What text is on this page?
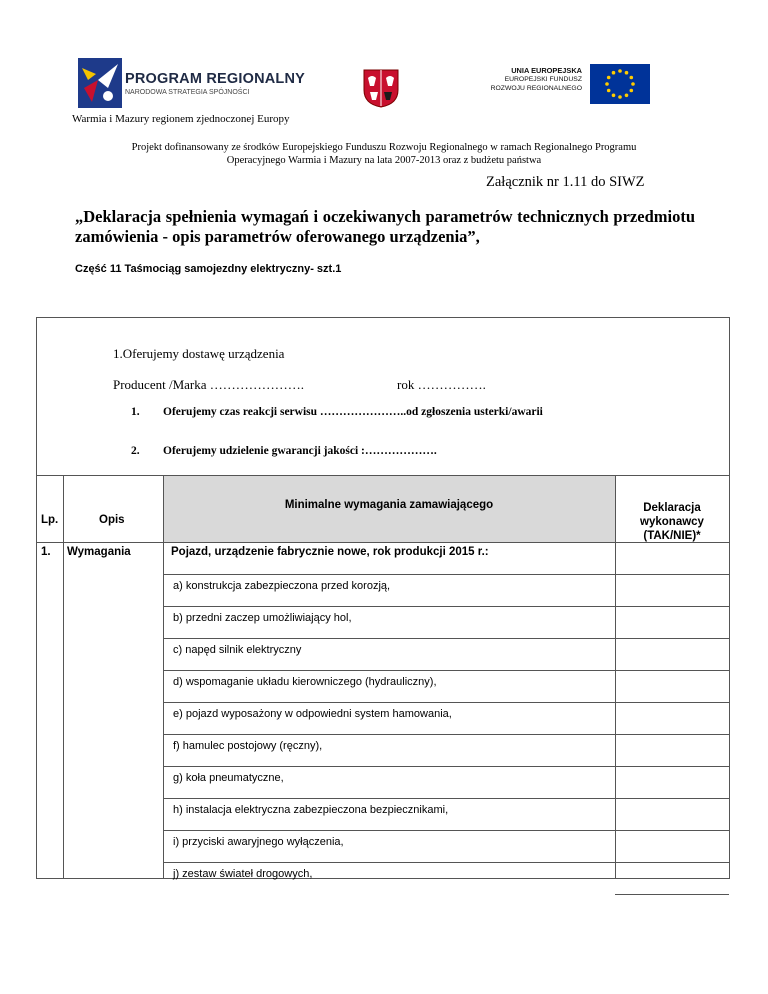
PROGRAM REGIONALNY
NARODOWA STRATEGIA SPÓJNOŚCI
UNIA EUROPEJSKA
EUROPEJSKI FUNDUSZ
ROZWOJU REGIONALNEGO
Warmia i Mazury regionem zjednoczonej Europy
Projekt dofinansowany ze środków Europejskiego Funduszu Rozwoju Regionalnego w ramach Regionalnego Programu
Operacyjnego Warmia i Mazury na lata 2007-2013 oraz z budżetu państwa
Załącznik nr 1.11 do SIWZ
„Deklaracja spełnienia wymagań i oczekiwanych parametrów technicznych przedmiotu zamówienia - opis parametrów oferowanego urządzenia”,
Część 11 Taśmociąg samojezdny elektryczny- szt.1
1.Oferujemy dostawę urządzenia
Producent /Marka ………………….	rok …………….
1. Oferujemy czas reakcji serwisu …………………..od zgłoszenia usterki/awarii
2. Oferujemy udzielenie gwarancji jakości :……………….
Lp.	Opis
Minimalne wymagania zamawiającego	Deklaracja
wykonawcy
(TAK/NIE)*
1. Wymagania	Pojazd, urządzenie fabrycznie nowe, rok produkcji 2015 r.:
a) konstrukcja zabezpieczona przed korozją,
b) przedni zaczep umożliwiający hol,
c) napęd silnik elektryczny
d) wspomaganie układu kierowniczego (hydrauliczny),
e) pojazd wyposażony w odpowiedni system hamowania,
f) hamulec postojowy (ręczny),
g) koła pneumatyczne,
h) instalacja elektryczna zabezpieczona bezpiecznikami,
i) przyciski awaryjnego wyłączenia,
j) zestaw świateł drogowych,
